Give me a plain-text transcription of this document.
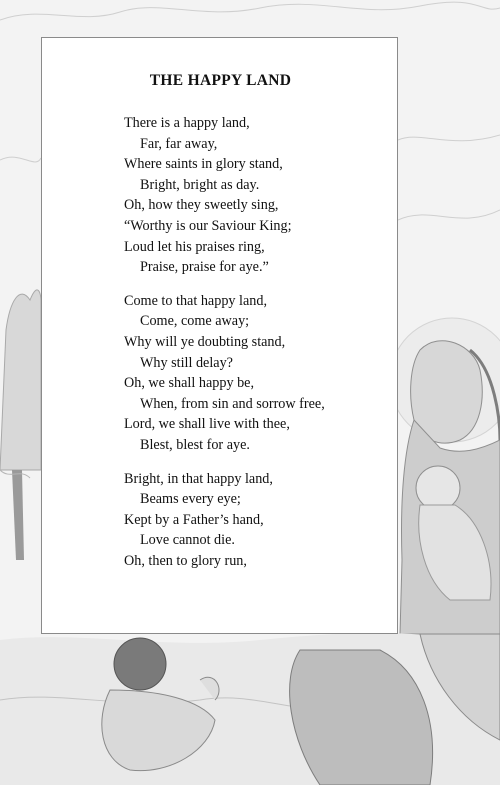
THE HAPPY LAND
There is a happy land,
Far, far away,
Where saints in glory stand,
Bright, bright as day.
Oh, how they sweetly sing,
“Worthy is our Saviour King;
Loud let his praises ring,
Praise, praise for aye.”
Come to that happy land,
Come, come away;
Why will ye doubting stand,
Why still delay?
Oh, we shall happy be,
When, from sin and sorrow free,
Lord, we shall live with thee,
Blest, blest for aye.
Bright, in that happy land,
Beams every eye;
Kept by a Father’s hand,
Love cannot die.
Oh, then to glory run,
